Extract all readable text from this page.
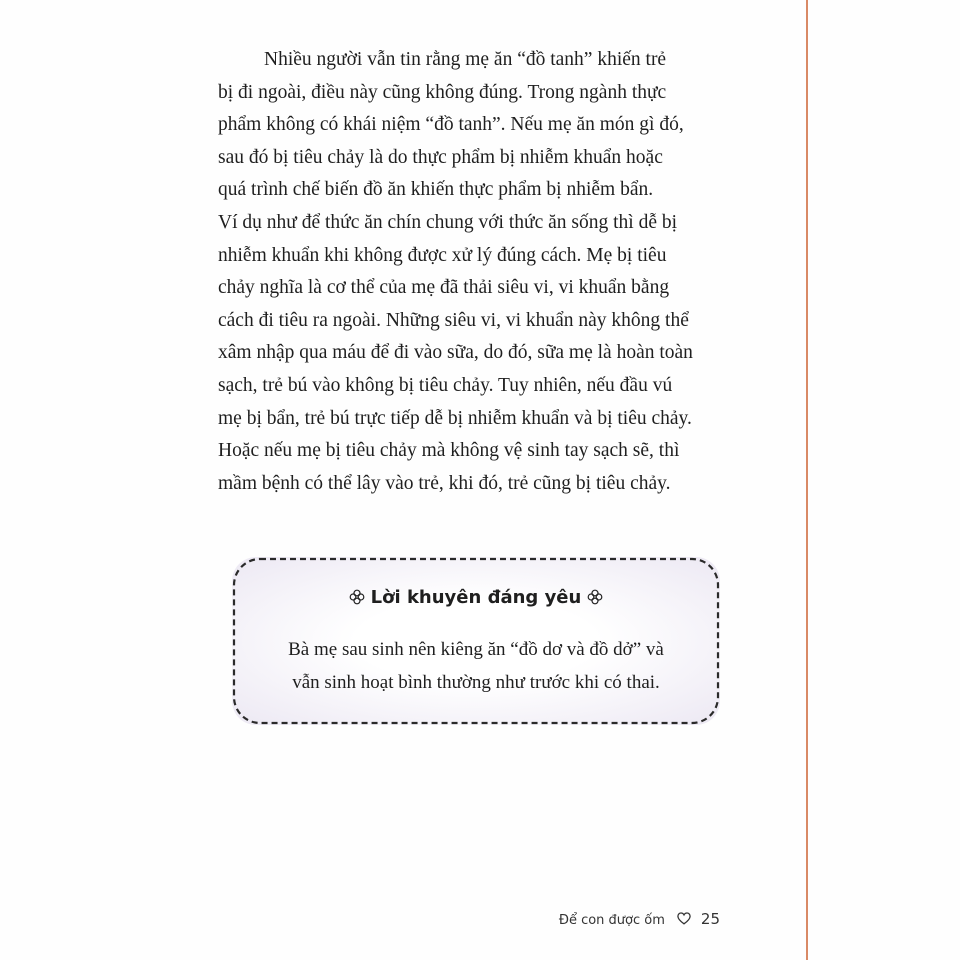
Nhiều người vẫn tin rằng mẹ ăn “đồ tanh” khiến trẻ
bị đi ngoài, điều này cũng không đúng. Trong ngành thực
phẩm không có khái niệm “đồ tanh”. Nếu mẹ ăn món gì đó,
sau đó bị tiêu chảy là do thực phẩm bị nhiễm khuẩn hoặc
quá trình chế biến đồ ăn khiến thực phẩm bị nhiễm bẩn.
Ví dụ như để thức ăn chín chung với thức ăn sống thì dễ bị
nhiễm khuẩn khi không được xử lý đúng cách. Mẹ bị tiêu
chảy nghĩa là cơ thể của mẹ đã thải siêu vi, vi khuẩn bằng
cách đi tiêu ra ngoài. Những siêu vi, vi khuẩn này không thể
xâm nhập qua máu để đi vào sữa, do đó, sữa mẹ là hoàn toàn
sạch, trẻ bú vào không bị tiêu chảy. Tuy nhiên, nếu đầu vú
mẹ bị bẩn, trẻ bú trực tiếp dễ bị nhiễm khuẩn và bị tiêu chảy.
Hoặc nếu mẹ bị tiêu chảy mà không vệ sinh tay sạch sẽ, thì
mầm bệnh có thể lây vào trẻ, khi đó, trẻ cũng bị tiêu chảy.
Lời khuyên đáng yêu
Bà mẹ sau sinh nên kiêng ăn “đồ dơ và đồ dở” và
vẫn sinh hoạt bình thường như trước khi có thai.
Để con được ốm 25
